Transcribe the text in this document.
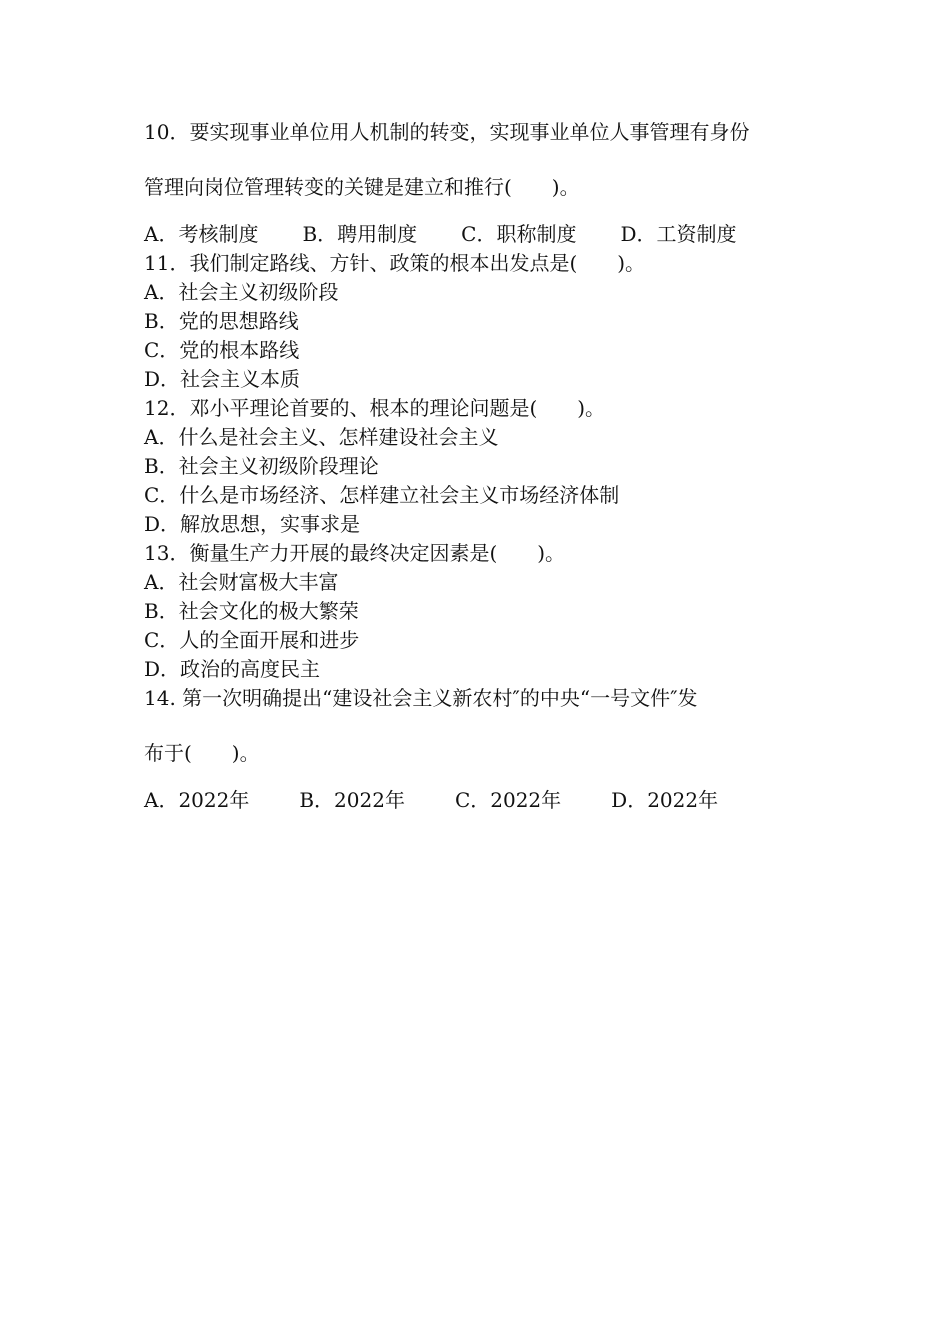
10．要实现事业单位用人机制的转变，实现事业单位人事管理有身份
管理向岗位管理转变的关键是建立和推行(　　)。
A．考核制度 B．聘用制度 C．职称制度 D．工资制度
11．我们制定路线、方针、政策的根本出发点是(　　)。
A．社会主义初级阶段
B．党的思想路线
C．党的根本路线
D．社会主义本质
12．邓小平理论首要的、根本的理论问题是(　　)。
A．什么是社会主义、怎样建设社会主义
B．社会主义初级阶段理论
C．什么是市场经济、怎样建立社会主义市场经济体制
D．解放思想，实事求是
13．衡量生产力开展的最终决定因素是(　　)。
A．社会财富极大丰富
B．社会文化的极大繁荣
C．人的全面开展和进步
D．政治的高度民主
14. 第一次明确提出“建设社会主义新农村″的中央“一号文件″发
布于(　　)。
A．2022年	B．2022年	C．2022年	D．2022年
